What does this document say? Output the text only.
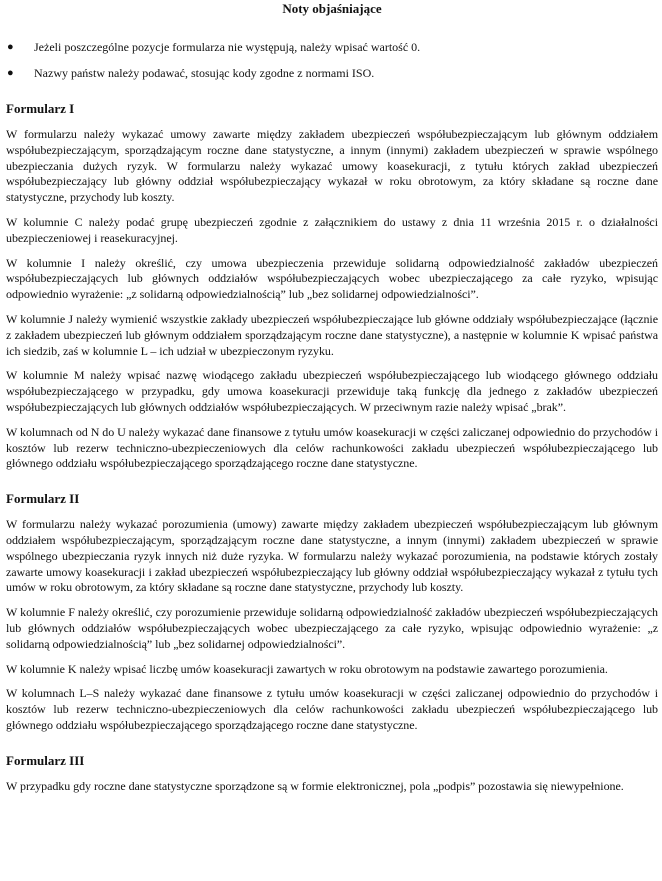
Noty objaśniające
● Jeżeli poszczególne pozycje formularza nie występują, należy wpisać wartość 0.
● Nazwy państw należy podawać, stosując kody zgodne z normami ISO.
Formularz I

W formularzu należy wykazać umowy zawarte między zakładem ubezpieczeń współubezpieczającym lub głównym oddziałem współubezpieczającym, sporządzającym roczne dane statystyczne, a innym (innymi) zakładem ubezpieczeń w sprawie wspólnego ubezpieczania dużych ryzyk. W formularzu należy wykazać umowy koasekuracji, z tytułu których zakład ubezpieczeń współubezpieczający lub główny oddział współubezpieczający wykazał w roku obrotowym, za który składane są roczne dane statystyczne, przychody lub koszty.

W kolumnie C należy podać grupę ubezpieczeń zgodnie z załącznikiem do ustawy z dnia 11 września 2015 r. o działalności ubezpieczeniowej i reasekuracyjnej.

W kolumnie I należy określić, czy umowa ubezpieczenia przewiduje solidarną odpowiedzialność zakładów ubezpieczeń współubezpieczających lub głównych oddziałów współubezpieczających wobec ubezpieczającego za całe ryzyko, wpisując odpowiednio wyrażenie: „z solidarną odpowiedzialnością” lub „bez solidarnej odpowiedzialności”.

W kolumnie J należy wymienić wszystkie zakłady ubezpieczeń współubezpieczające lub główne oddziały współubezpieczające (łącznie z zakładem ubezpieczeń lub głównym oddziałem sporządzającym roczne dane statystyczne), a następnie w kolumnie K wpisać państwa ich siedzib, zaś w kolumnie L – ich udział w ubezpieczonym ryzyku.

W kolumnie M należy wpisać nazwę wiodącego zakładu ubezpieczeń współubezpieczającego lub wiodącego głównego oddziału współubezpieczającego w przypadku, gdy umowa koasekuracji przewiduje taką funkcję dla jednego z zakładów ubezpieczeń współubezpieczających lub głównych oddziałów współubezpieczających. W przeciwnym razie należy wpisać „brak”.

W kolumnach od N do U należy wykazać dane finansowe z tytułu umów koasekuracji w części zaliczanej odpowiednio do przychodów i kosztów lub rezerw techniczno-ubezpieczeniowych dla celów rachunkowości zakładu ubezpieczeń współubezpieczającego lub głównego oddziału współubezpieczającego sporządzającego roczne dane statystyczne.

Formularz II

W formularzu należy wykazać porozumienia (umowy) zawarte między zakładem ubezpieczeń współubezpieczającym lub głównym oddziałem współubezpieczającym, sporządzającym roczne dane statystyczne, a innym (innymi) zakładem ubezpieczeń w sprawie wspólnego ubezpieczania ryzyk innych niż duże ryzyka. W formularzu należy wykazać porozumienia, na podstawie których zostały zawarte umowy koasekuracji i zakład ubezpieczeń współubezpieczający lub główny oddział współubezpieczający wykazał z tytułu tych umów w roku obrotowym, za który składane są roczne dane statystyczne, przychody lub koszty.

W kolumnie F należy określić, czy porozumienie przewiduje solidarną odpowiedzialność zakładów ubezpieczeń współubezpieczających lub głównych oddziałów współubezpieczających wobec ubezpieczającego za całe ryzyko, wpisując odpowiednio wyrażenie: „z solidarną odpowiedzialnością” lub „bez solidarnej odpowiedzialności”.

W kolumnie K należy wpisać liczbę umów koasekuracji zawartych w roku obrotowym na podstawie zawartego porozumienia.

W kolumnach L–S należy wykazać dane finansowe z tytułu umów koasekuracji w części zaliczanej odpowiednio do przychodów i kosztów lub rezerw techniczno-ubezpieczeniowych dla celów rachunkowości zakładu ubezpieczeń współubezpieczającego lub głównego oddziału współubezpieczającego sporządzającego roczne dane statystyczne.

Formularz III

W przypadku gdy roczne dane statystyczne sporządzone są w formie elektronicznej, pola „podpis” pozostawia się niewypełnione.
